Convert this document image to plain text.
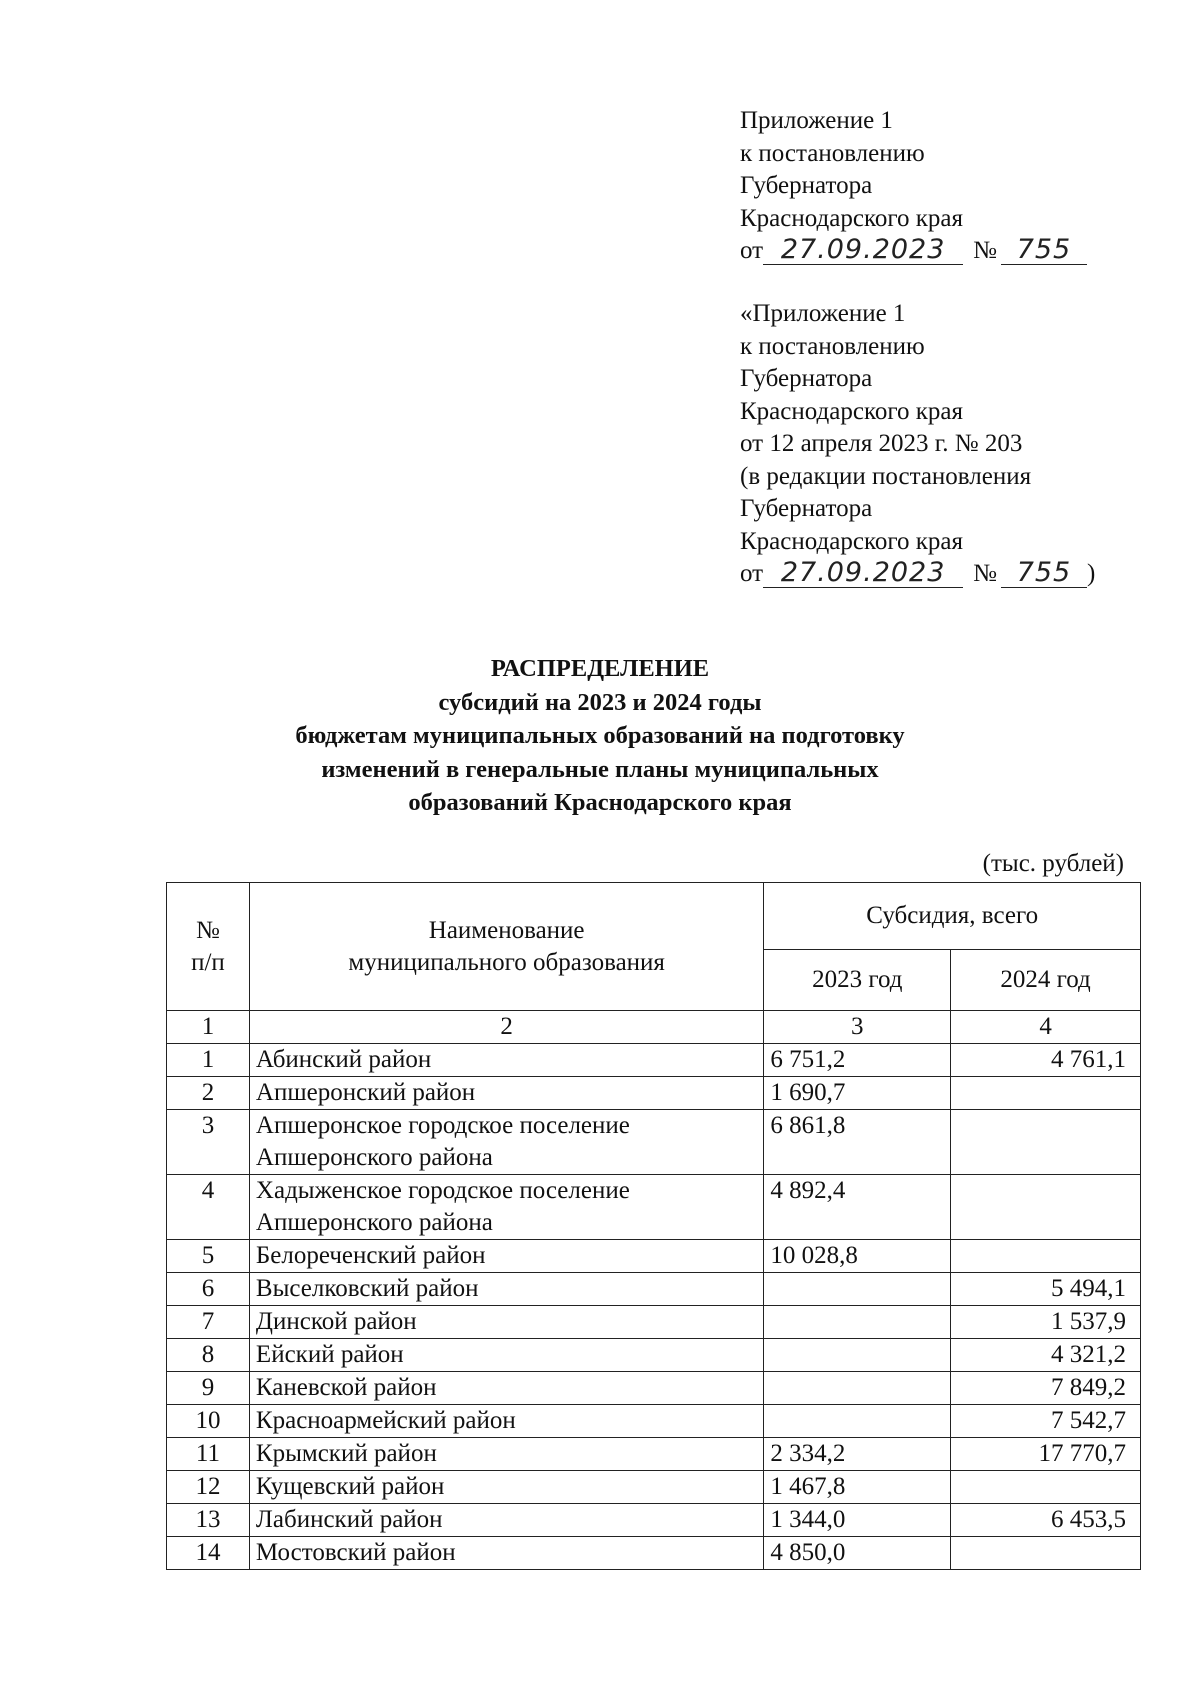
Приложение 1
к постановлению
Губернатора
Краснодарского края
от 27.09.2023 № 755
«Приложение 1
к постановлению
Губернатора
Краснодарского края
от 12 апреля 2023 г. № 203
(в редакции постановления
Губернатора
Краснодарского края
от 27.09.2023 № 755 )
РАСПРЕДЕЛЕНИЕ
субсидий на 2023 и 2024 годы
бюджетам муниципальных образований на подготовку
изменений в генеральные планы муниципальных
образований Краснодарского края
(тыс. рублей)
№
п/п	Наименование
муниципального образования	Субсидия, всего	
		2023 год	2024 год
1	2	3	4
1	Абинский район	6 751,2	4 761,1
2	Апшеронский район	1 690,7	
3	Апшеронское городское поселение
Апшеронского района	6 861,8	
4	Хадыженское городское поселение
Апшеронского района	4 892,4	
5	Белореченский район	10 028,8	
6	Выселковский район		5 494,1
7	Динской район		1 537,9
8	Ейский район		4 321,2
9	Каневской район		7 849,2
10	Красноармейский район		7 542,7
11	Крымский район	2 334,2	17 770,7
12	Кущевский район	1 467,8	
13	Лабинский район	1 344,0	6 453,5
14	Мостовский район	4 850,0	
